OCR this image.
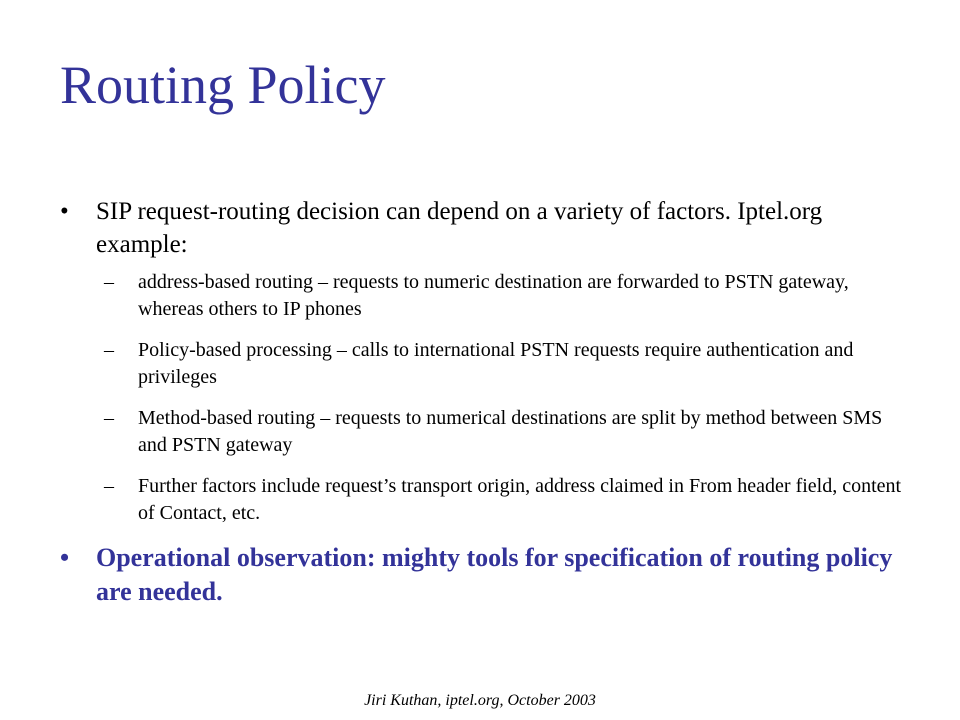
Routing Policy
• SIP request-routing decision can depend on a variety of factors. Iptel.org example:
– address-based routing – requests to numeric destination are forwarded to PSTN gateway, whereas others to IP phones
– Policy-based processing – calls to international PSTN requests require authentication and privileges
– Method-based routing – requests to numerical destinations are split by method between SMS and PSTN gateway
– Further factors include request’s transport origin, address claimed in From header field, content of Contact, etc.
• Operational observation: mighty tools for specification of routing policy are needed.
Jiri Kuthan, iptel.org, October 2003
